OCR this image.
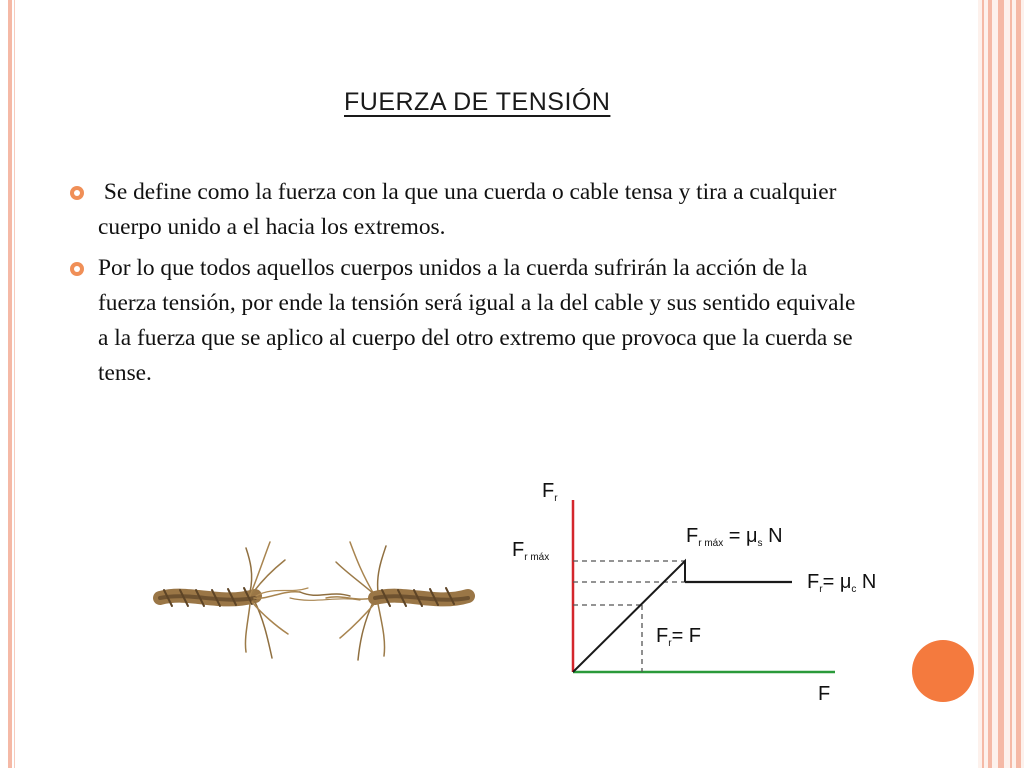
FUERZA DE TENSIÓN
Se define como la fuerza con la que una cuerda o cable tensa y tira a cualquier cuerpo unido a el hacia los extremos.
Por lo que todos aquellos cuerpos unidos a la cuerda sufrirán la acción de la fuerza tensión, por ende la tensión será igual a la del cable y sus sentido equivale a la fuerza que se aplico al cuerpo del otro extremo que provoca que la cuerda se tense.
$F_r$
$F_{r máx}$
$F_{r máx} = \mu_s$ N
$F_r= \mu_c$ N
$F_r= F$
F
